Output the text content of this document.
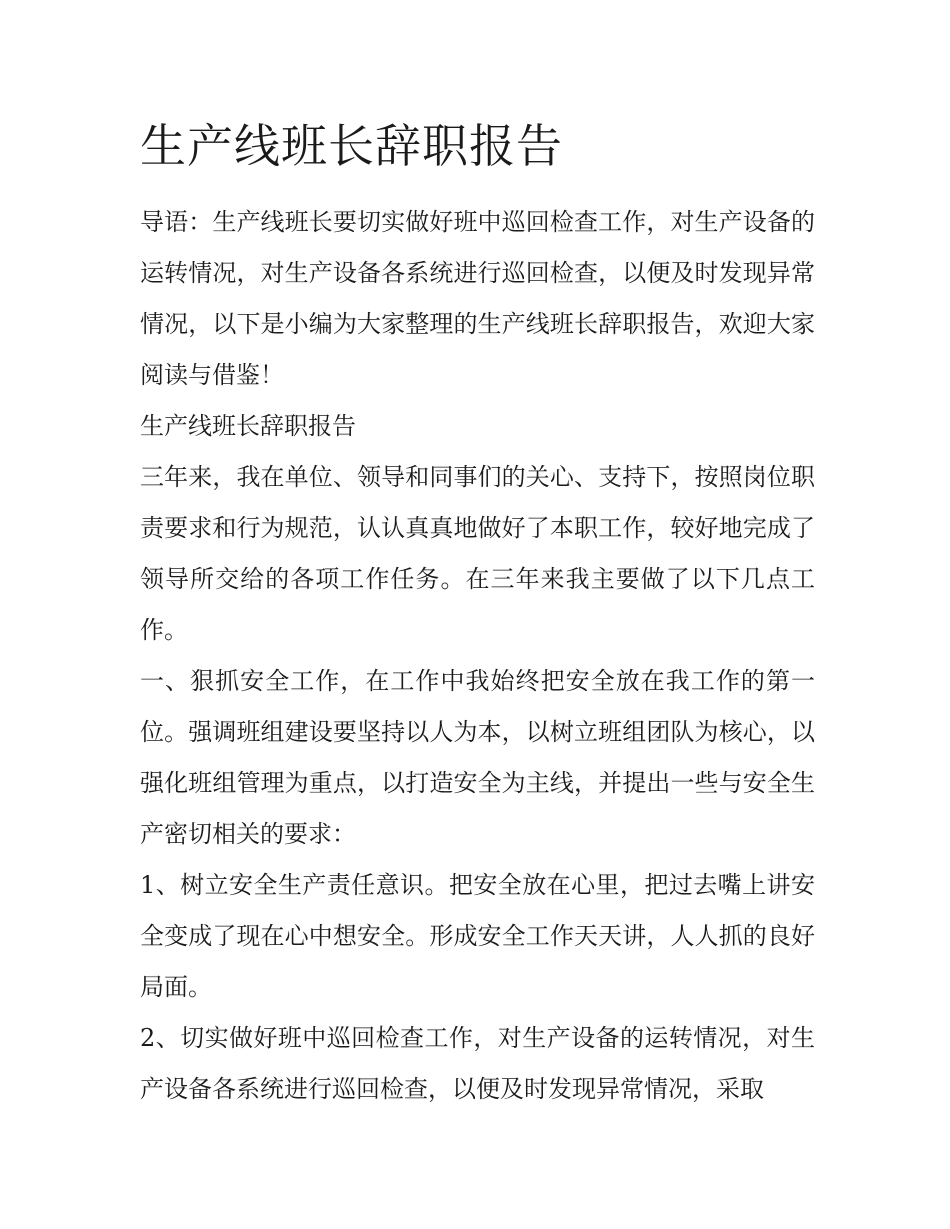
生产线班长辞职报告

导语：生产线班长要切实做好班中巡回检查工作，对生产设备的运转情况，对生产设备各系统进行巡回检查，以便及时发现异常情况，以下是小编为大家整理的生产线班长辞职报告，欢迎大家阅读与借鉴！

生产线班长辞职报告

三年来，我在单位、领导和同事们的关心、支持下，按照岗位职责要求和行为规范，认认真真地做好了本职工作，较好地完成了领导所交给的各项工作任务。在三年来我主要做了以下几点工作。

一、狠抓安全工作，在工作中我始终把安全放在我工作的第一位。强调班组建设要坚持以人为本，以树立班组团队为核心，以强化班组管理为重点，以打造安全为主线，并提出一些与安全生产密切相关的要求：

1、树立安全生产责任意识。把安全放在心里，把过去嘴上讲安全变成了现在心中想安全。形成安全工作天天讲，人人抓的良好局面。

2、切实做好班中巡回检查工作，对生产设备的运转情况，对生产设备各系统进行巡回检查，以便及时发现异常情况，采取
